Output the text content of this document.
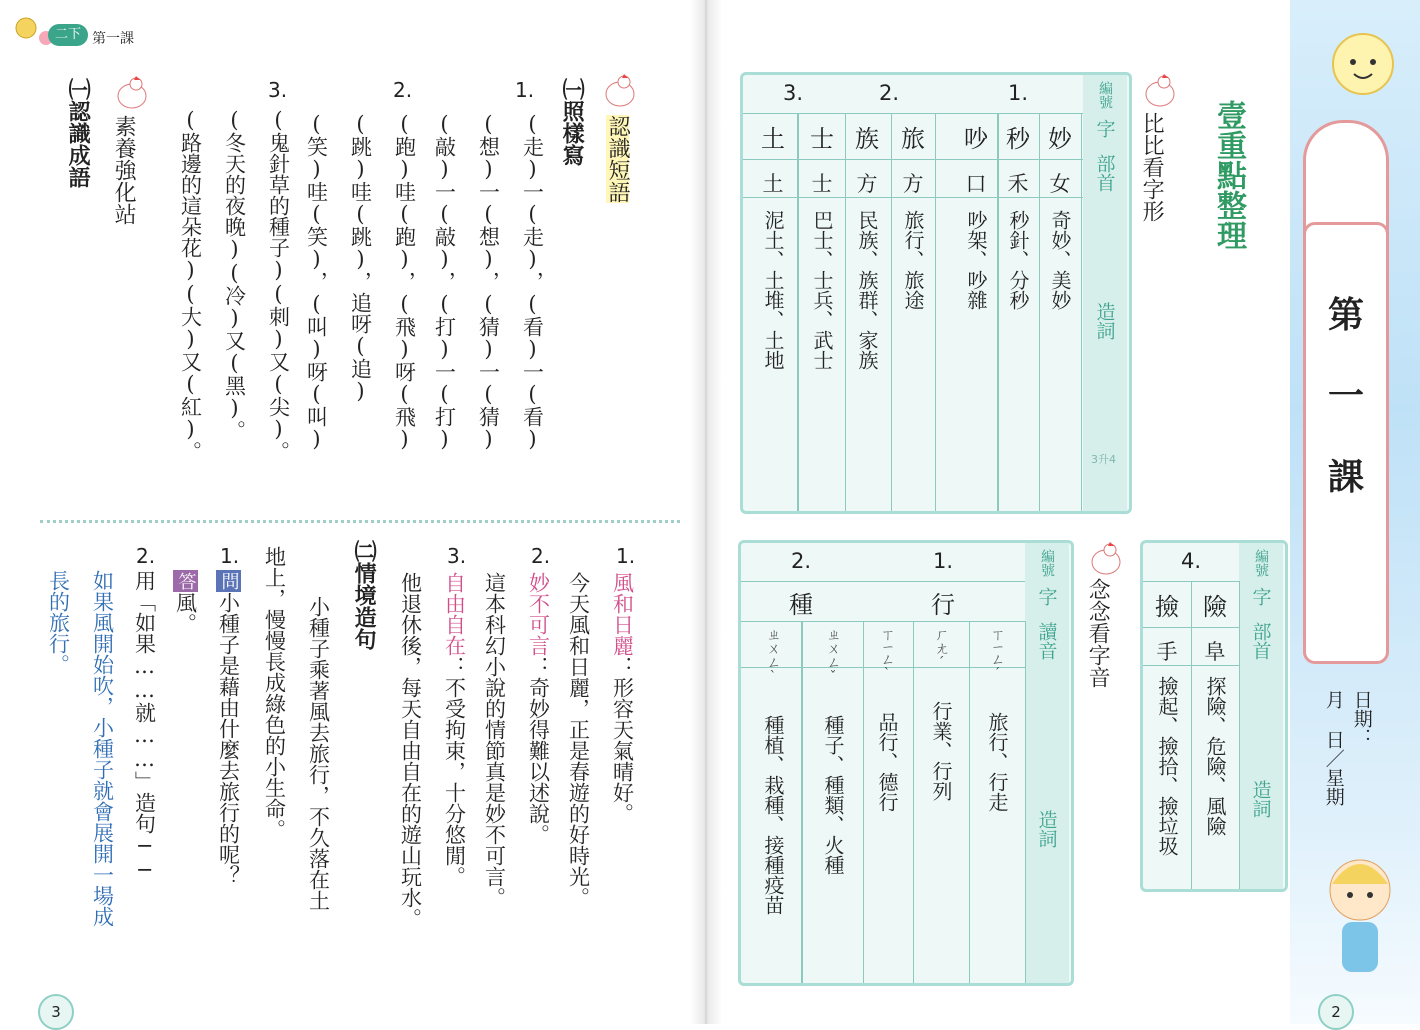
二下 第一課
㈠照樣寫 認識短語
1.
(走)一(走)，(看)一(看)
(想)一(想)，(猜)一(猜)
(敲)一(敲)，(打)一(打)
2.
(跑)哇(跑)，(飛)呀(飛)
(跳)哇(跳)，追呀(追)
(笑)哇(笑)，(叫)呀(叫)
3.
(鬼針草的種子)(刺)又(尖)。
(冬天的夜晚)(冷)又(黑)。
(路邊的這朵花)(大)又(紅)。
素養強化站
㈠認識成語
1.
風和日麗：形容天氣晴好。
今天風和日麗，正是春遊的好時光。
2.
妙不可言：奇妙得難以述說。
這本科幻小說的情節真是妙不可言。
3.
自由自在：不受拘束，十分悠閒。
他退休後，每天自由自在的遊山玩水。
㈡情境造句
小種子乘著風去旅行，不久落在土
地上，慢慢長成綠色的小生命。
1.
問小種子是藉由什麼去旅行的呢？
答風。
2.
用「如果……就……」造句──
如果風開始吹，小種子就會展開一場成
長的旅行。
3
第
一
課
日期：
月
日／星期
2
壹重點整理
比比看字形
編號
字
部首
造詞
1.
2.
3.
妙
女
奇妙、美妙
秒
禾
秒針、分秒
吵
口
吵架、吵雜
旅
方
旅行、旅途
族
方
民族、族群、家族
士
士
巴士、士兵、武士
土
土
泥土、土堆、土地
3升4
念念看字音
編號
字
讀音
造詞
1.
2.
行
種
ㄒㄧㄥˊ
旅行、行走
ㄏㄤˊ
行業、行列
ㄒㄧㄥˋ
品行、德行
ㄓㄨㄥˇ
種子、種類、火種
ㄓㄨㄥˋ
種植、栽種、接種疫苗
編號
字
部首
造詞
4.
險
阜
探險、危險、風險
撿
手
撿起、撿拾、撿垃圾
